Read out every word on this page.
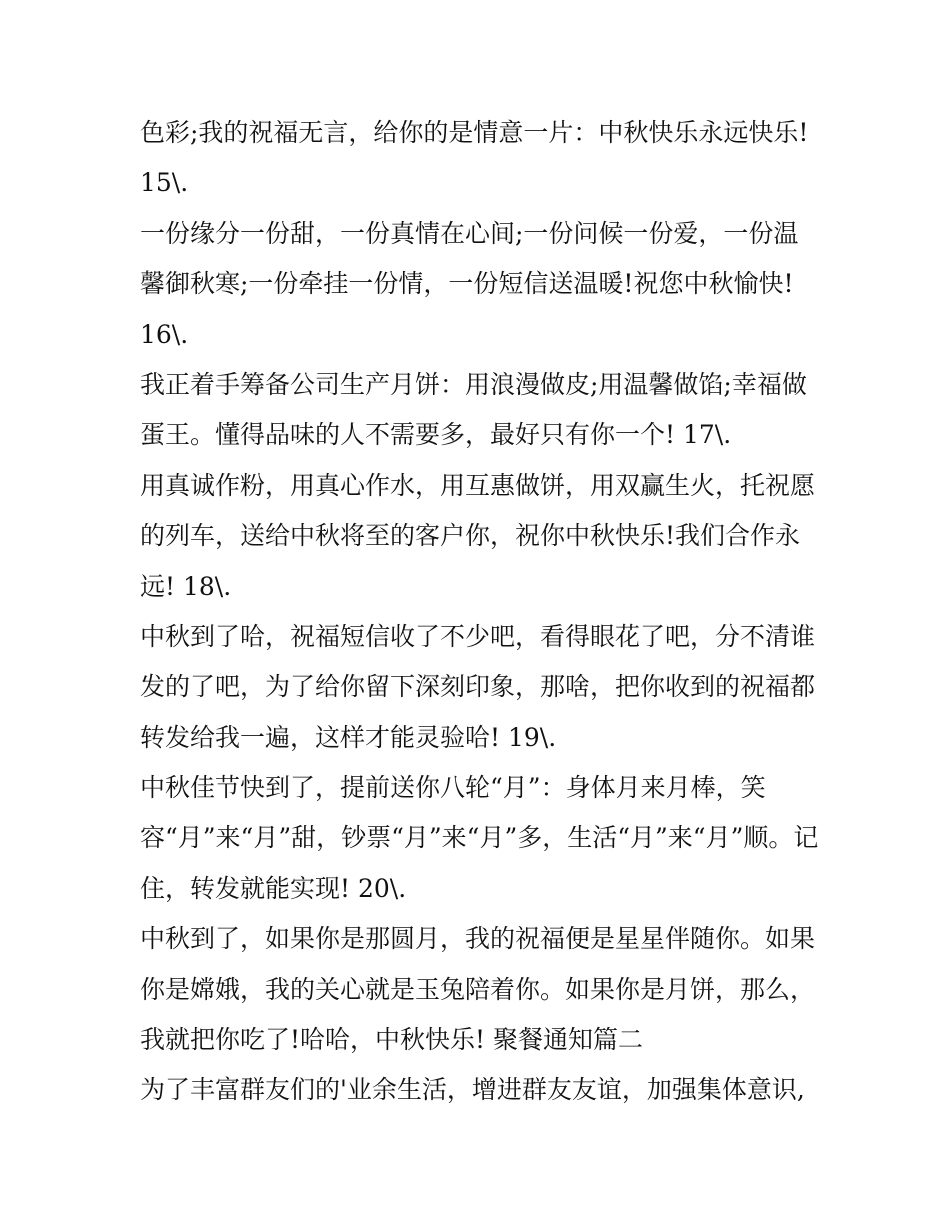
色彩;我的祝福无言，给你的是情意一片：中秋快乐永远快乐!
15\.
一份缘分一份甜，一份真情在心间;一份问候一份爱，一份温
馨御秋寒;一份牵挂一份情，一份短信送温暖!祝您中秋愉快!
16\.
我正着手筹备公司生产月饼：用浪漫做皮;用温馨做馅;幸福做
蛋王。懂得品味的人不需要多，最好只有你一个! 17\.
用真诚作粉，用真心作水，用互惠做饼，用双赢生火，托祝愿
的列车，送给中秋将至的客户你，祝你中秋快乐!我们合作永
远! 18\.
中秋到了哈，祝福短信收了不少吧，看得眼花了吧，分不清谁
发的了吧，为了给你留下深刻印象，那啥，把你收到的祝福都
转发给我一遍，这样才能灵验哈! 19\.
中秋佳节快到了，提前送你八轮“月”：身体月来月棒，笑
容“月”来“月”甜，钞票“月”来“月”多，生活“月”来“月”顺。记
住，转发就能实现! 20\.
中秋到了，如果你是那圆月，我的祝福便是星星伴随你。如果
你是嫦娥，我的关心就是玉兔陪着你。如果你是月饼，那么，
我就把你吃了!哈哈，中秋快乐! 聚餐通知篇二
为了丰富群友们的'业余生活，增进群友友谊，加强集体意识,
